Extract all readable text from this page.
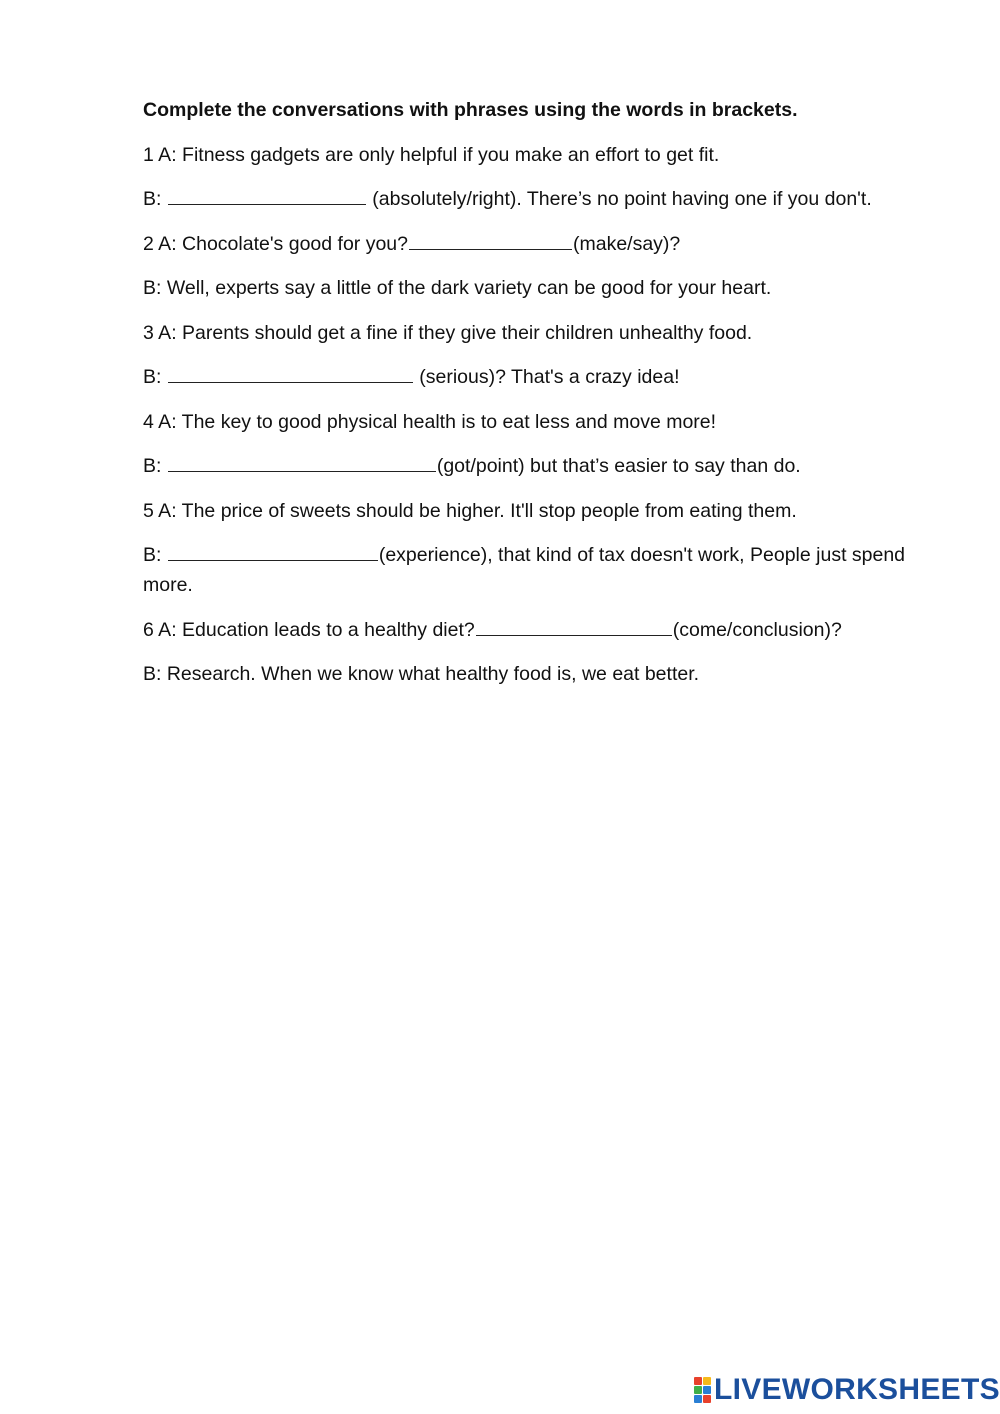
Complete the conversations with phrases using the words in brackets.
1 A: Fitness gadgets are only helpful if you make an effort to get fit.
B:	(absolutely/right). There’s no point having one if you don't.
2 A: Chocolate's good for you?	(make/say)?
B: Well, experts say a little of the dark variety can be good for your heart.
3 A: Parents should get a fine if they give their children unhealthy food.
B:	(serious)? That's a crazy idea!
4 A: The key to good physical health is to eat less and move more!
B:	(got/point) but that’s easier to say than do.
5 A: The price of sweets should be higher. It'll stop people from eating them.
B:	(experience), that kind of tax doesn't work, People just spend more.
6 A: Education leads to a healthy diet?	(come/conclusion)?
B: Research. When we know what healthy food is, we eat better.
LIVEWORKSHEETS
